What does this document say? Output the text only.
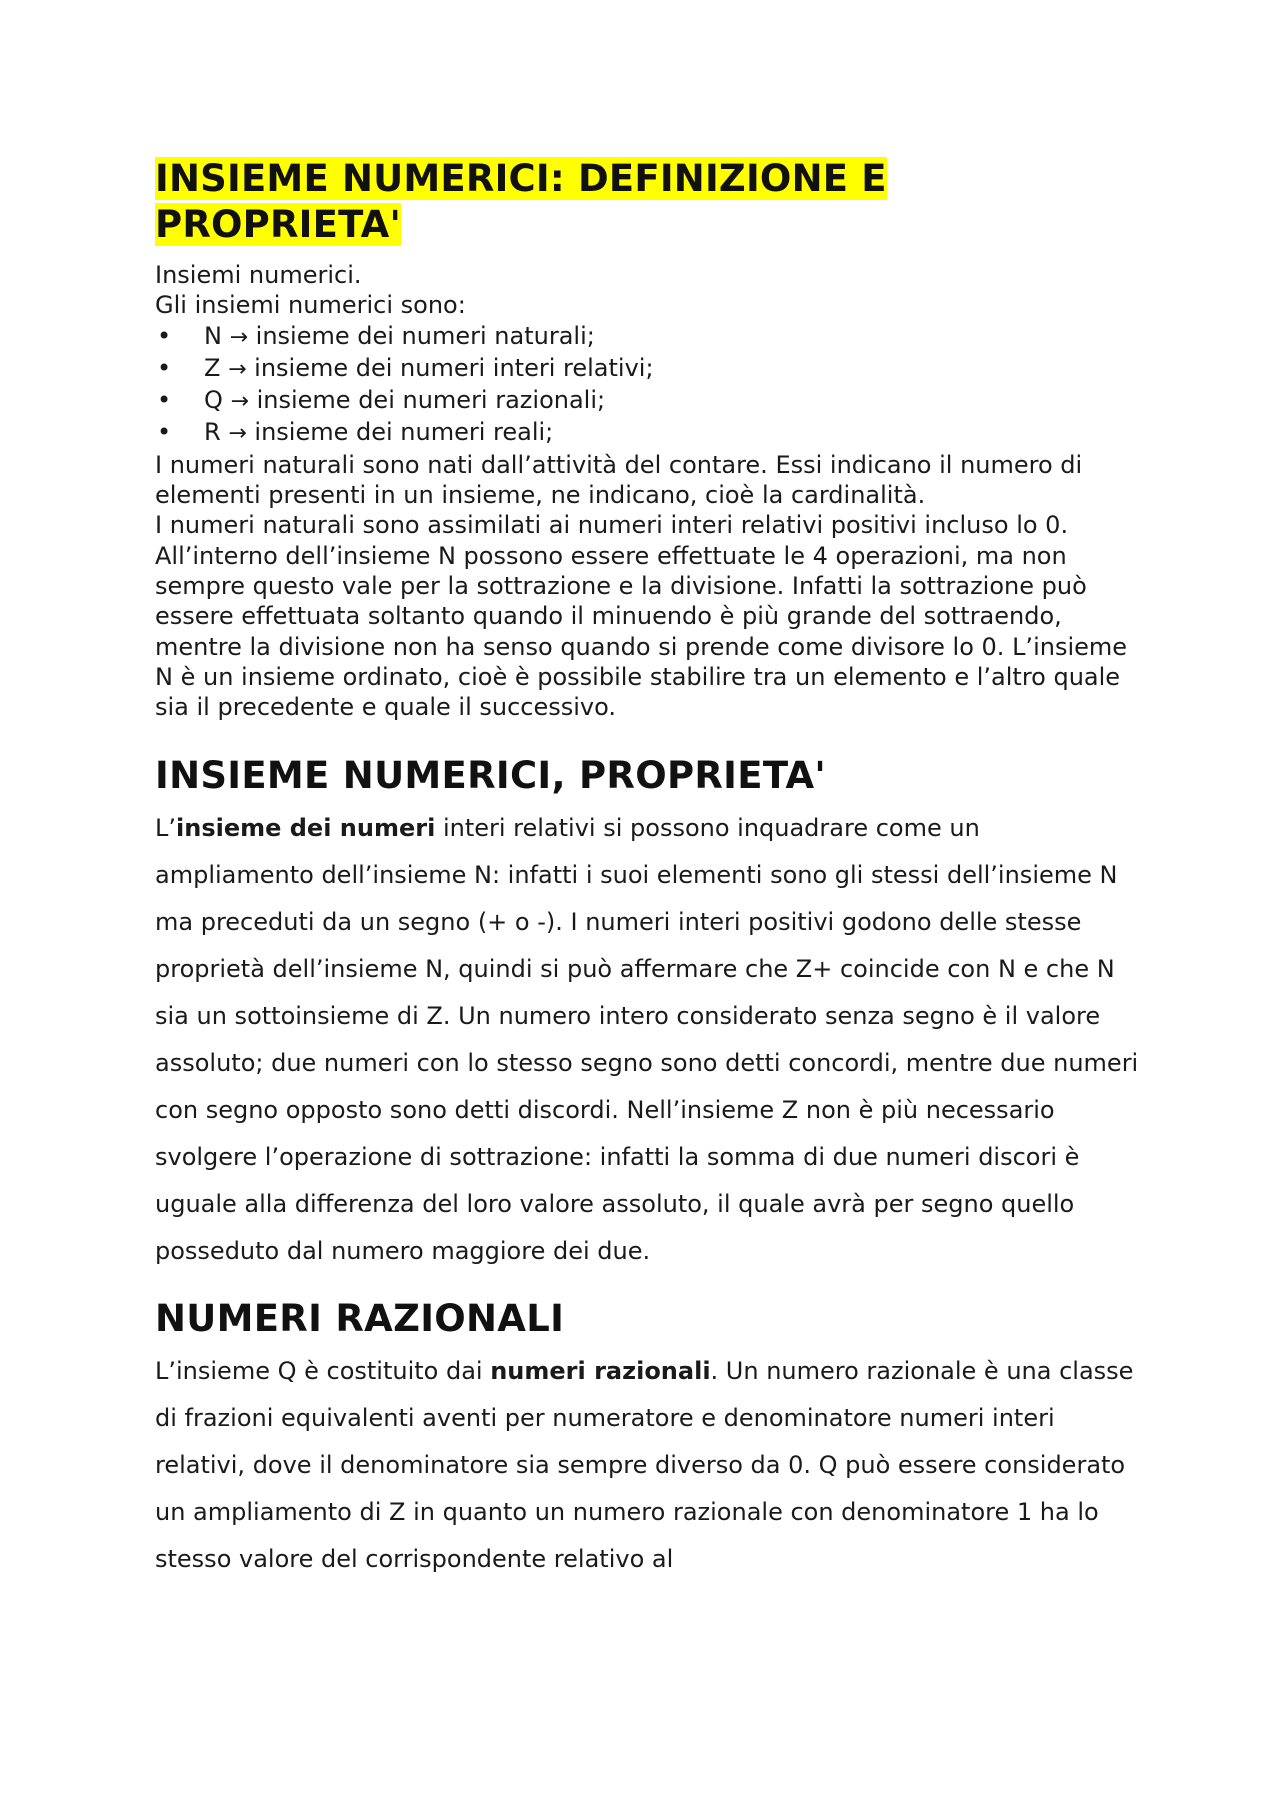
INSIEME NUMERICI: DEFINIZIONE E PROPRIETA'

Insiemi numerici.

Gli insiemi numerici sono:

• N → insieme dei numeri naturali;
• Z → insieme dei numeri interi relativi;
• Q → insieme dei numeri razionali;
• R → insieme dei numeri reali;

I numeri naturali sono nati dall’attività del contare. Essi indicano il numero di elementi presenti in un insieme, ne indicano, cioè la cardinalità.

I numeri naturali sono assimilati ai numeri interi relativi positivi incluso lo 0. All’interno dell’insieme N possono essere effettuate le 4 operazioni, ma non sempre questo vale per la sottrazione e la divisione. Infatti la sottrazione può essere effettuata soltanto quando il minuendo è più grande del sottraendo, mentre la divisione non ha senso quando si prende come divisore lo 0. L’insieme N è un insieme ordinato, cioè è possibile stabilire tra un elemento e l’altro quale sia il precedente e quale il successivo.

INSIEME NUMERICI, PROPRIETA'

L’insieme dei numeri interi relativi si possono inquadrare come un ampliamento dell’insieme N: infatti i suoi elementi sono gli stessi dell’insieme N ma preceduti da un segno (+ o -). I numeri interi positivi godono delle stesse proprietà dell’insieme N, quindi si può affermare che Z+ coincide con N e che N sia un sottoinsieme di Z. Un numero intero considerato senza segno è il valore assoluto; due numeri con lo stesso segno sono detti concordi, mentre due numeri con segno opposto sono detti discordi. Nell’insieme Z non è più necessario svolgere l’operazione di sottrazione: infatti la somma di due numeri discori è uguale alla differenza del loro valore assoluto, il quale avrà per segno quello posseduto dal numero maggiore dei due.

NUMERI RAZIONALI

L’insieme Q è costituito dai numeri razionali. Un numero razionale è una classe di frazioni equivalenti aventi per numeratore e denominatore numeri interi relativi, dove il denominatore sia sempre diverso da 0. Q può essere considerato un ampliamento di Z in quanto un numero razionale con denominatore 1 ha lo stesso valore del corrispondente relativo al
